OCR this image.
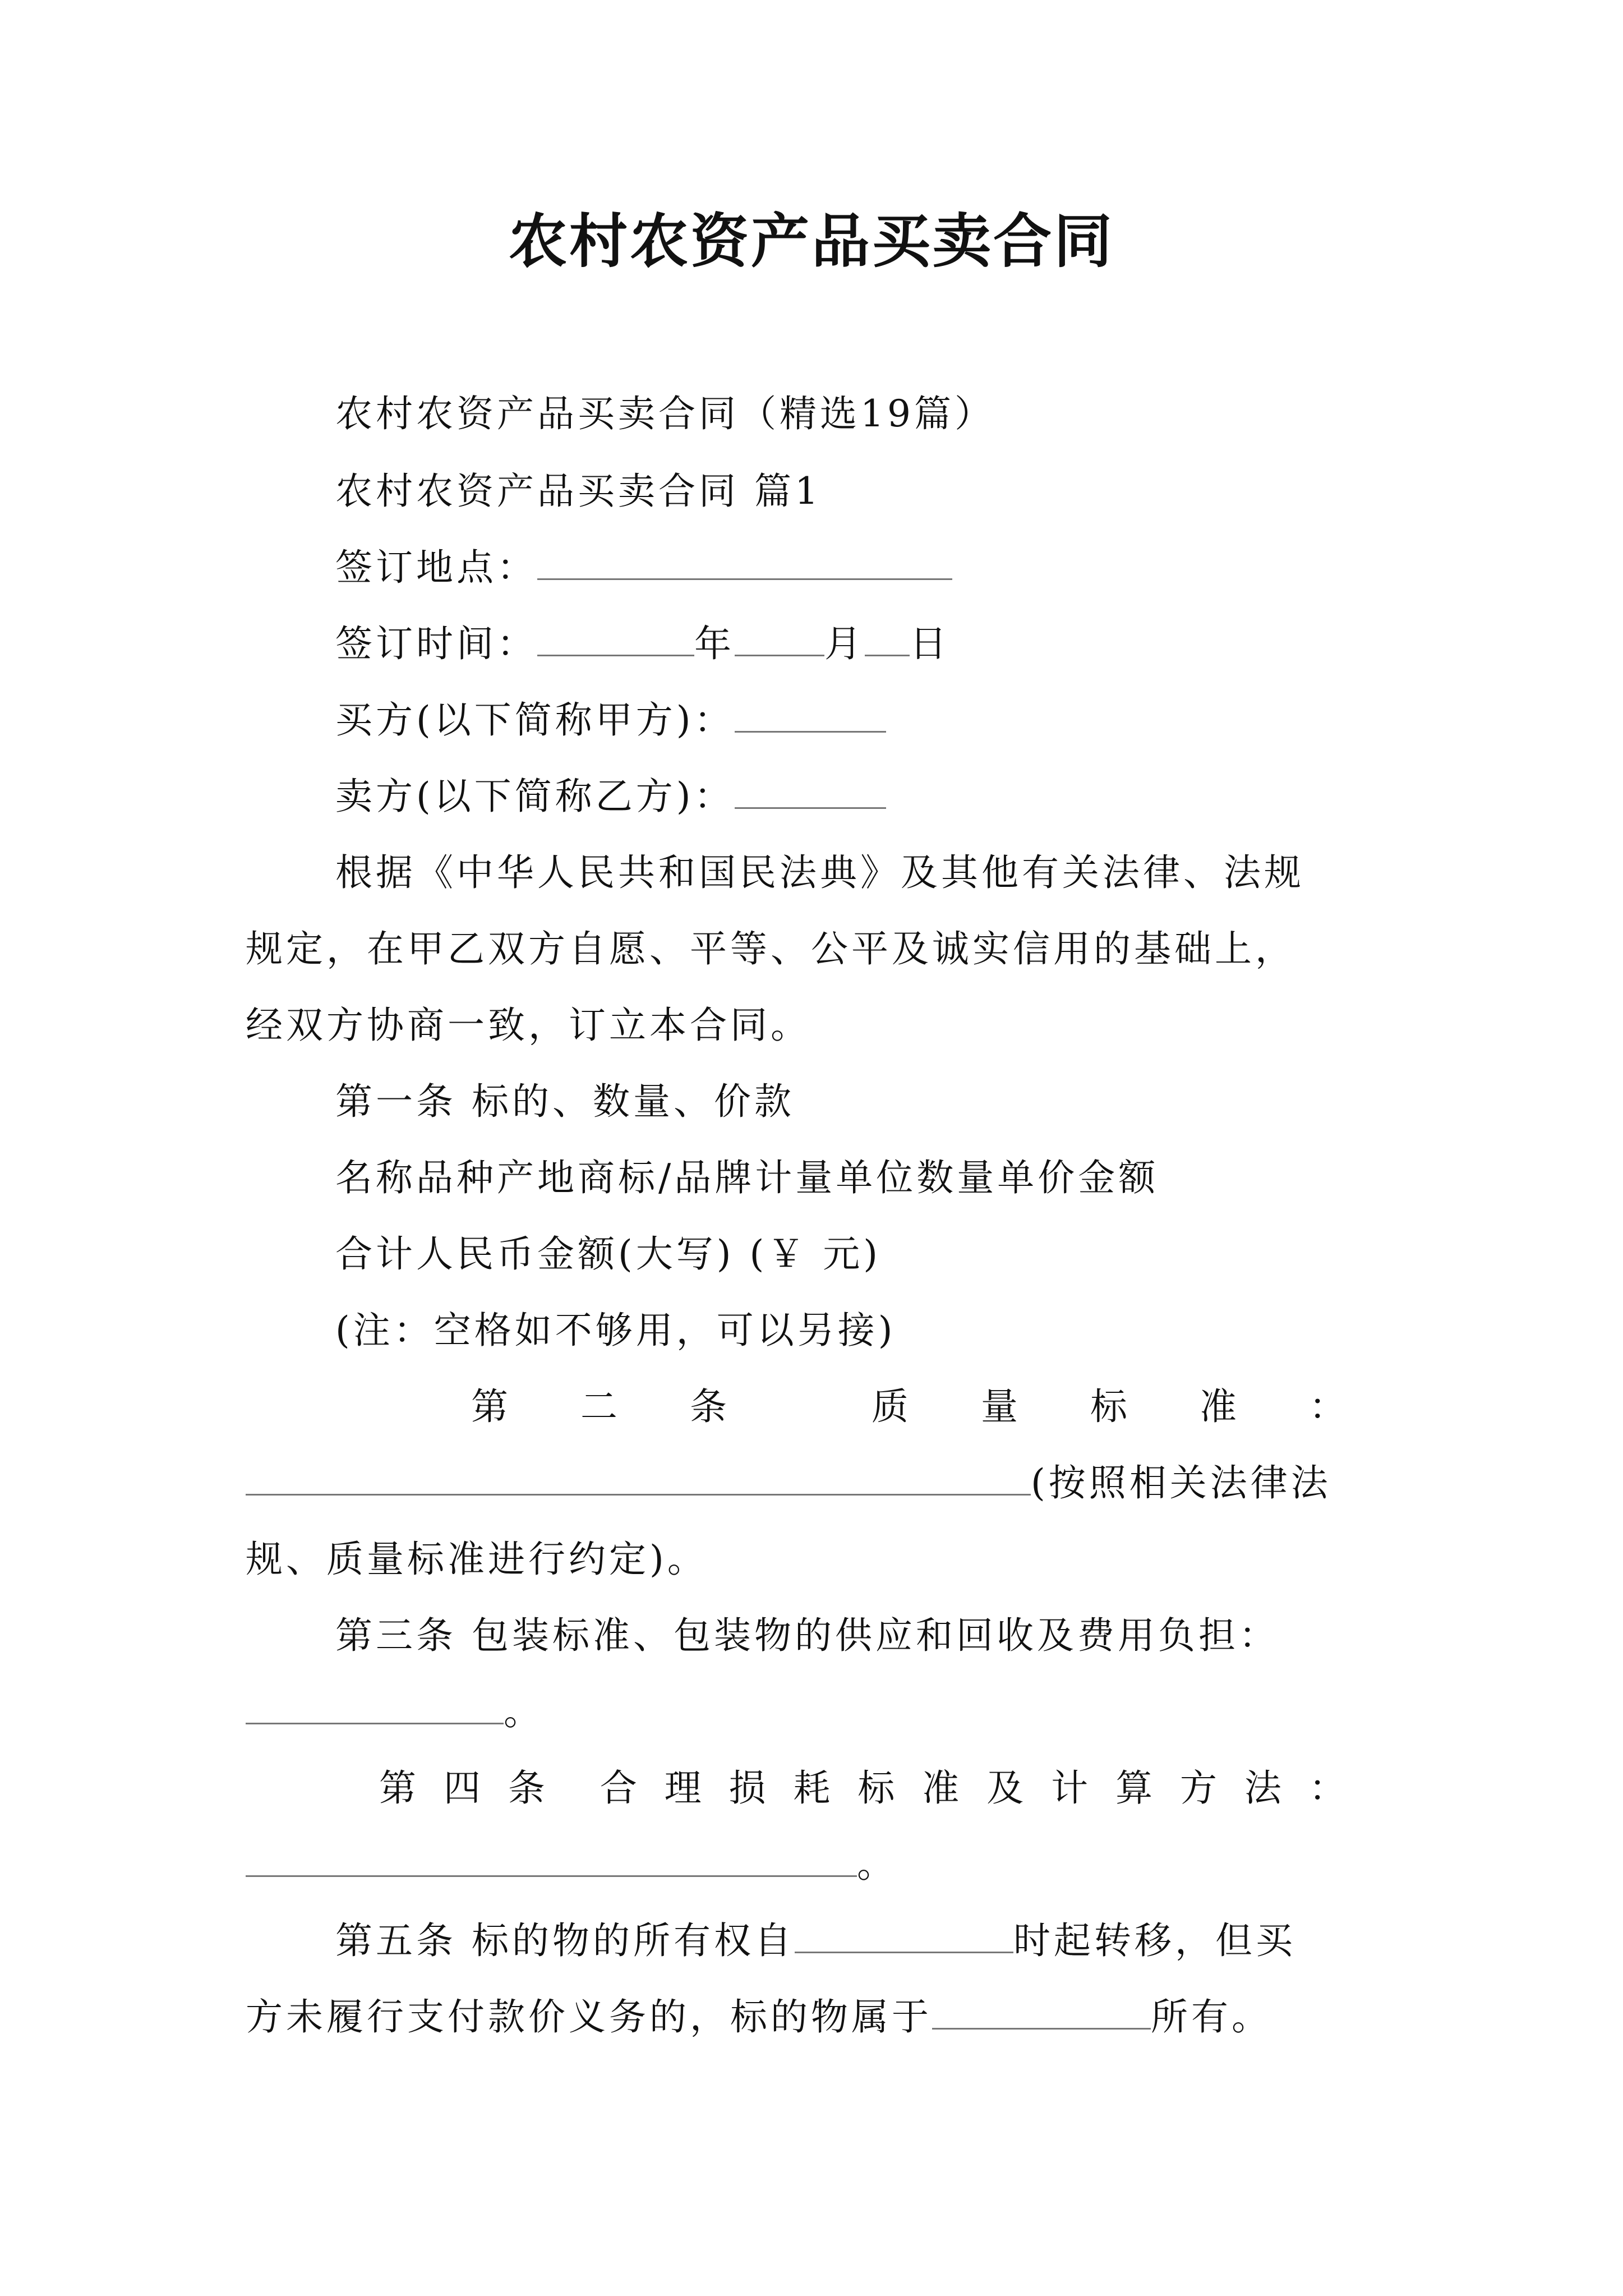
农村农资产品买卖合同
农村农资产品买卖合同（精选19篇）
农村农资产品买卖合同 篇1
签订地点：
签订时间：	年 月 日
买方(以下简称甲方)：
卖方(以下简称乙方)：
根据《中华人民共和国民法典》及其他有关法律、法规
规定，在甲乙双方自愿、平等、公平及诚实信用的基础上，
经双方协商一致，订立本合同。
第一条 标的、数量、价款
名称品种产地商标/品牌计量单位数量单价金额
合计人民币金额(大写) (￥ 元)
(注：空格如不够用，可以另接)
第 二 条	质 量 标 准 ：
(按照相关法律法
规、质量标准进行约定)。
第三条 包装标准、包装物的供应和回收及费用负担：
。
第 四 条 合 理 损 耗 标 准 及 计 算 方 法 ：
。
第五条 标的物的所有权自	时起转移，但买
方未履行支付款价义务的，标的物属于	所有。
